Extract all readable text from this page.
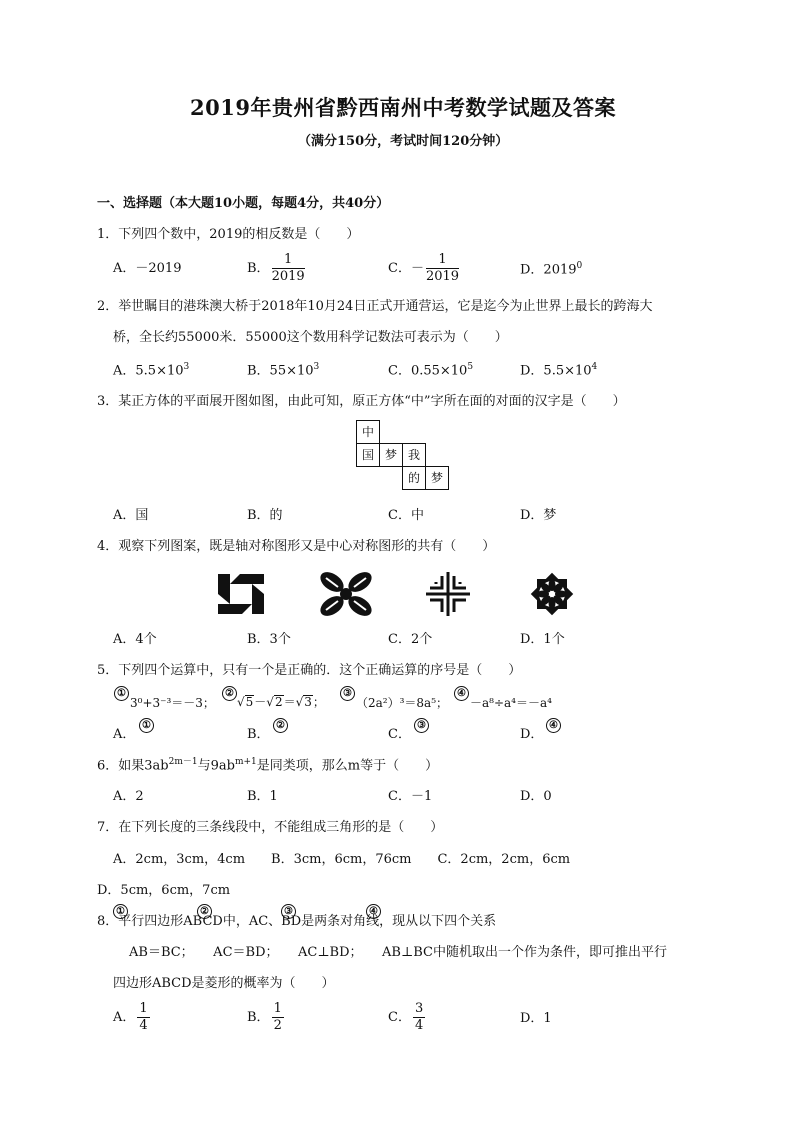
2019年贵州省黔西南州中考数学试题及答案
（满分150分，考试时间120分钟）
一、选择题（本大题10小题，每题4分，共40分）
1．下列四个数中，2019的相反数是（　　）
A．－2019	B． $\frac{1}{2019}$	C．－ $\frac{1}{2019}$	D．2019$^0$
2．举世瞩目的港珠澳大桥于2018年10月24日正式开通营运，它是迄今为止世界上最长的跨海大
桥，全长约55000米．55000这个数用科学记数法可表示为（　　）
A．$5.5\times 10^3$	B．$55\times 10^3$	C．$0.55\times 10^5$	D．$5.5\times 10^4$
3．某正方体的平面展开图如图，由此可知，原正方体“中”字所在面的对面的汉字是（　　）
中
国 梦 我
的 梦
A．国	B．的	C．中	D．梦
4．观察下列图案，既是轴对称图形又是中心对称图形的共有（　　）
A．4个	B．3个	C．2个	D．1个
5．下列四个运算中，只有一个是正确的．这个正确运算的序号是（　　）
①
3⁰+3⁻³＝－3；
②
√5－√2＝√3；
③
（2a²）³＝8a⁵；
④
－a⁸÷a⁴＝－a⁴
A．
①
B．
②
C．
③
D．
④
6．如果$3ab^{2m-1}$与$9ab^{m+1}$是同类项，那么m等于（　　）
A．2	B．1	C．－1	D．0
7．在下列长度的三条线段中，不能组成三角形的是（　　）
A．2cm，3cm，4cm　　B．3cm，6cm，76cm　　C．2cm，2cm，6cm
D．5cm，6cm，7cm
①	②	③	④
8．平行四边形ABCD中，AC、BD是两条对角线，现从以下四个关系
AB＝BC；　　AC＝BD；　　AC⊥BD；　　AB⊥BC中随机取出一个作为条件，即可推出平行
四边形ABCD是菱形的概率为（　　）
A． $\frac{1}{4}$	B． $\frac{1}{2}$	C． $\frac{3}{4}$	D．1
